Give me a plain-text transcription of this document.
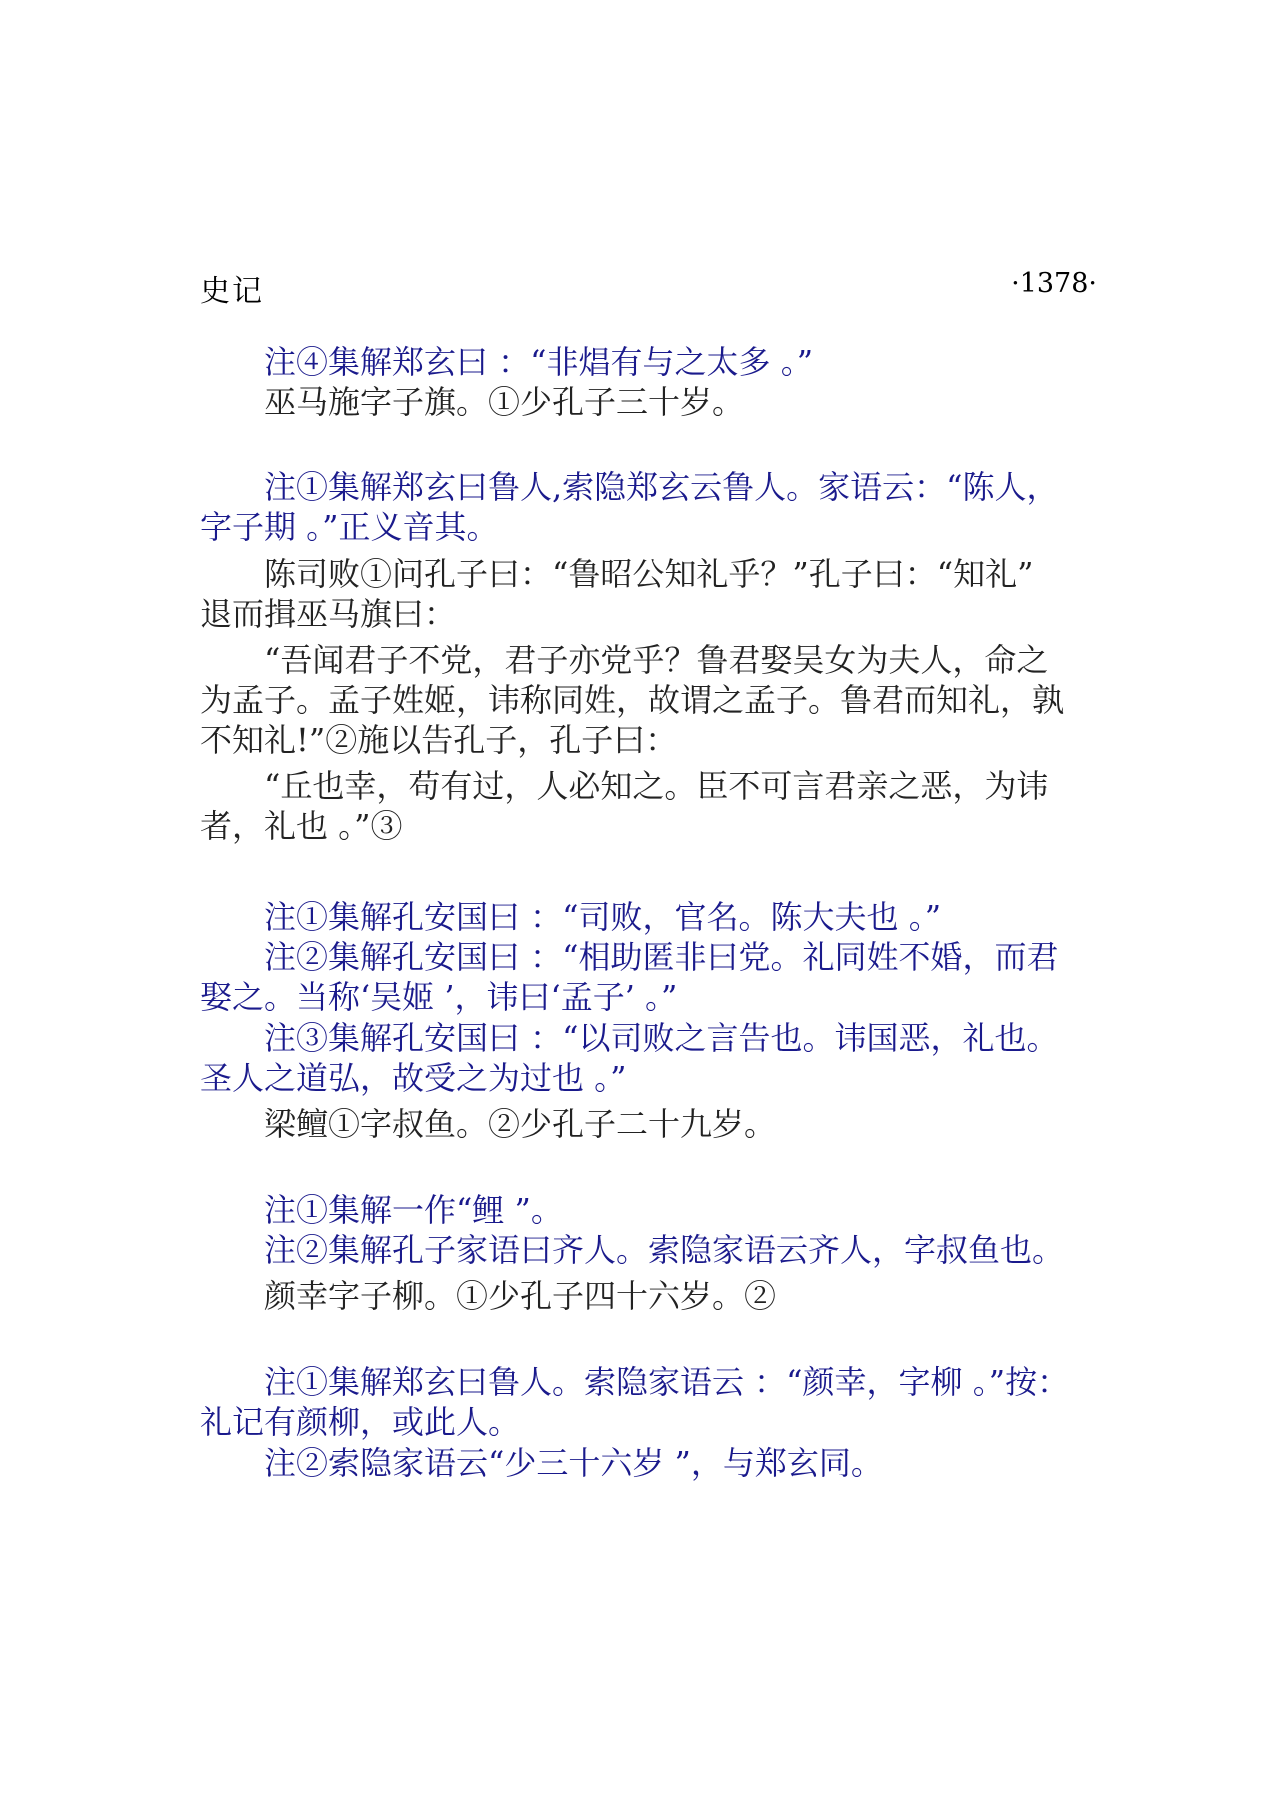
史记	·1378·
注④集解郑玄曰 ：“非焻有与之太多 。”
巫马施字子旗。①少孔子三十岁。
注①集解郑玄曰鲁人,索隐郑玄云鲁人。家语云：“陈人，
字子期 。”正义音其。
陈司败①问孔子曰：“鲁昭公知礼乎？”孔子曰：“知礼”
退而揖巫马旗曰：
“吾闻君子不党，君子亦党乎？鲁君娶吴女为夫人，命之
为孟子。孟子姓姬，讳称同姓，故谓之孟子。鲁君而知礼，孰
不知礼!”②施以告孔子，孔子曰：
“丘也幸，苟有过，人必知之。臣不可言君亲之恶，为讳
者，礼也 。”③
注①集解孔安国曰 ：“司败，官名。陈大夫也 。”
注②集解孔安国曰 ：“相助匿非曰党。礼同姓不婚，而君
娶之。当称‘吴姬 ’，讳曰‘孟子’ 。”
注③集解孔安国曰 ：“以司败之言告也。讳国恶，礼也。
圣人之道弘，故受之为过也 。”
梁鳣①字叔鱼。②少孔子二十九岁。
注①集解一作“鲤 ”。
注②集解孔子家语曰齐人。索隐家语云齐人，字叔鱼也。
颜幸字子柳。①少孔子四十六岁。②
注①集解郑玄曰鲁人。索隐家语云 ：“颜幸，字柳 。”按：
礼记有颜柳，或此人。
注②索隐家语云“少三十六岁 ”，与郑玄同。
